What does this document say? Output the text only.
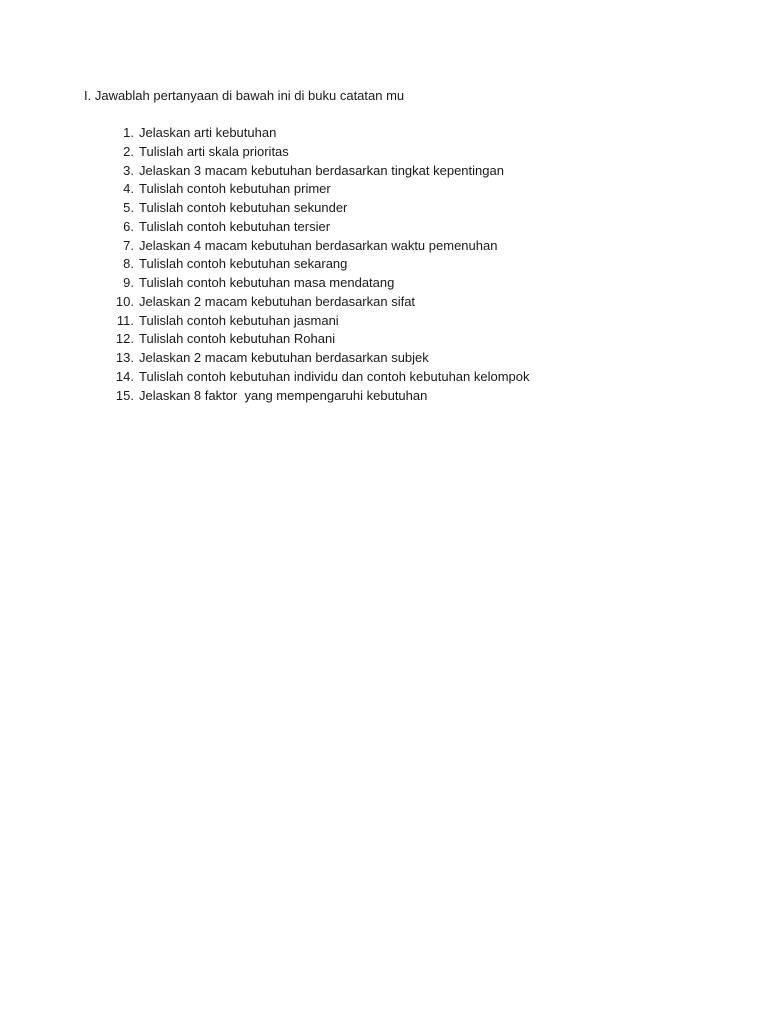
I. Jawablah pertanyaan di bawah ini di buku catatan mu

1. Jelaskan arti kebutuhan
2. Tulislah arti skala prioritas
3. Jelaskan 3 macam kebutuhan berdasarkan tingkat kepentingan
4. Tulislah contoh kebutuhan primer
5. Tulislah contoh kebutuhan sekunder
6. Tulislah contoh kebutuhan tersier
7. Jelaskan 4 macam kebutuhan berdasarkan waktu pemenuhan
8. Tulislah contoh kebutuhan sekarang
9. Tulislah contoh kebutuhan masa mendatang
10. Jelaskan 2 macam kebutuhan berdasarkan sifat
11. Tulislah contoh kebutuhan jasmani
12. Tulislah contoh kebutuhan Rohani
13. Jelaskan 2 macam kebutuhan berdasarkan subjek
14. Tulislah contoh kebutuhan individu dan contoh kebutuhan kelompok
15. Jelaskan 8 faktor  yang mempengaruhi kebutuhan
